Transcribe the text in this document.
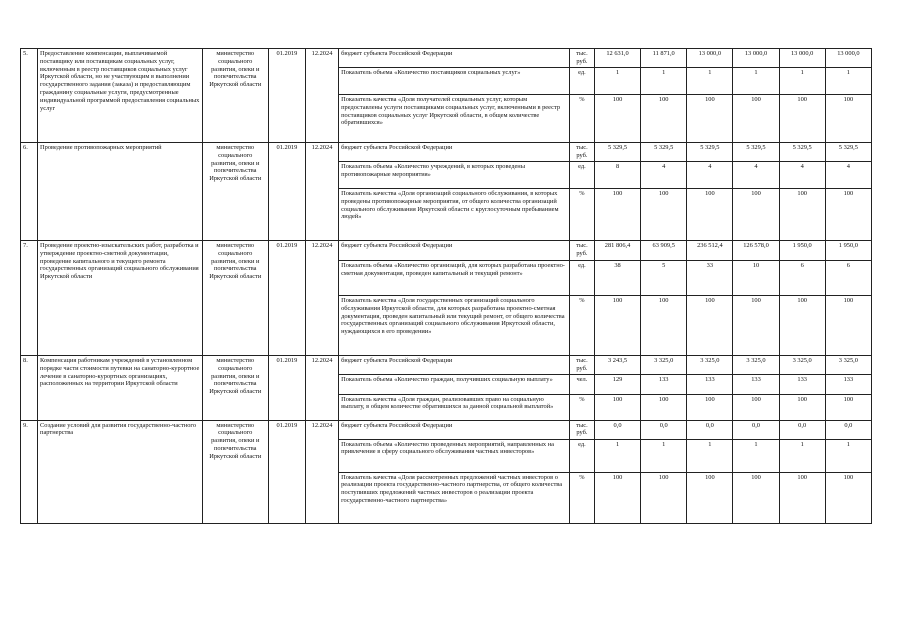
5.	Предоставление компенсации, выплачиваемой поставщику или поставщикам социальных услуг, включенным в реестр поставщиков социальных услуг Иркутской области, но не участвующим в выполнении государственного задания (заказа) и предоставляющим гражданину социальные услуги, предусмотренные индивидуальной программой предоставления социальных услуг	министерство социального развития, опеки и попечительства Иркутской области	01.2019	12.2024	бюджет субъекта Российской Федерации	тыс. руб.	12 631,0	11 871,0	13 000,0	13 000,0	13 000,0	13 000,0
					Показатель объема «Количество поставщиков социальных услуг»	ед.	1	1	1	1	1	1
					Показатель качества «Доля получателей социальных услуг, которым предоставлены услуги поставщиками социальных услуг, включенными в реестр поставщиков социальных услуг Иркутской области, в общем количестве обратившихся»	%	100	100	100	100	100	100
6.	Проведение противопожарных мероприятий	министерство социального развития, опеки и попечительства Иркутской области	01.2019	12.2024	бюджет субъекта Российской Федерации	тыс. руб.	5 329,5	5 329,5	5 329,5	5 329,5	5 329,5	5 329,5
					Показатель объема «Количество учреждений, в которых проведены противопожарные мероприятия»	ед.	8	4	4	4	4	4
					Показатель качества «Доля организаций социального обслуживания, в которых проведены противопожарные мероприятия, от общего количества организаций социального обслуживания Иркутской области с круглосуточным пребыванием людей»	%	100	100	100	100	100	100
7.	Проведение проектно-изыскательских работ, разработка и утверждение проектно-сметной документации, проведение капитального и текущего ремонта государственных организаций социального обслуживания Иркутской области	министерство социального развития, опеки и попечительства Иркутской области	01.2019	12.2024	бюджет субъекта Российской Федерации	тыс. руб.	281 806,4	63 909,5	236 512,4	126 578,0	1 950,0	1 950,0
					Показатель объема «Количество организаций, для которых разработана проектно-сметная документация, проведен капитальный и текущий ремонт»	ед.	38	5	33	10	6	6
					Показатель качества «Доля государственных организаций социального обслуживания Иркутской области, для которых разработана проектно-сметная документация, проведен капитальный или текущий ремонт, от общего количества государственных организаций социального обслуживания Иркутской области, нуждающихся в его проведении»	%	100	100	100	100	100	100
8.	Компенсация работникам учреждений в установленном порядке части стоимости путевки на санаторно-курортное лечение в санаторно-курортных организациях, расположенных на территории Иркутской области	министерство социального развития, опеки и попечительства Иркутской области	01.2019	12.2024	бюджет субъекта Российской Федерации	тыс. руб.	3 243,5	3 325,0	3 325,0	3 325,0	3 325,0	3 325,0
					Показатель объема «Количество граждан, получивших социальную выплату»	чел.	129	133	133	133	133	133
					Показатель качества «Доля граждан, реализовавших право на социальную выплату, в общем количестве обратившихся за данной социальной выплатой»	%	100	100	100	100	100	100
9.	Создание условий для развития государственно-частного партнерства	министерство социального развития, опеки и попечительства Иркутской области	01.2019	12.2024	бюджет субъекта Российской Федерации	тыс. руб.	0,0	0,0	0,0	0,0	0,0	0,0
					Показатель объема «Количество проведенных мероприятий, направленных на привлечение в сферу социального обслуживания частных инвесторов»	ед.	1	1	1	1	1	1
					Показатель качества «Доля рассмотренных предложений частных инвесторов о реализации проекта государственно-частного партнерства, от общего количества поступивших предложений частных инвесторов о реализации проекта государственно-частного партнерства»	%	100	100	100	100	100	100
